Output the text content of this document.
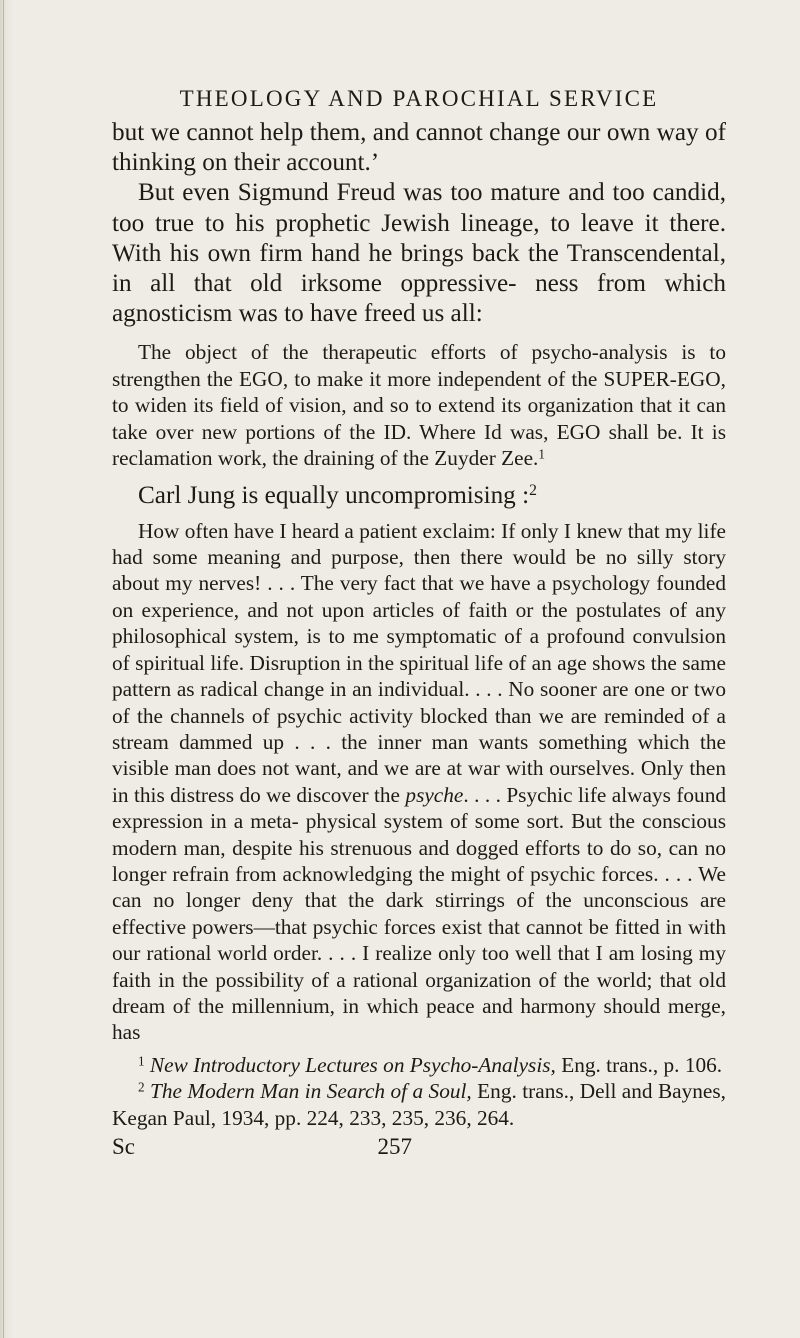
THEOLOGY AND PAROCHIAL SERVICE

but we cannot help them, and cannot change our own way of thinking on their account.’

But even Sigmund Freud was too mature and too candid, too true to his prophetic Jewish lineage, to leave it there. With his own firm hand he brings back the Transcendental, in all that old irksome oppressive- ness from which agnosticism was to have freed us all:

The object of the therapeutic efforts of psycho-analysis is to strengthen the EGO, to make it more independent of the SUPER-EGO, to widen its field of vision, and so to extend its organization that it can take over new portions of the ID. Where Id was, EGO shall be. It is reclamation work, the draining of the Zuyder Zee.$^1$

Carl Jung is equally uncompromising :$^2$

How often have I heard a patient exclaim: If only I knew that my life had some meaning and purpose, then there would be no silly story about my nerves! . . . The very fact that we have a psychology founded on experience, and not upon articles of faith or the postulates of any philosophical system, is to me symptomatic of a profound convulsion of spiritual life. Disruption in the spiritual life of an age shows the same pattern as radical change in an individual. . . . No sooner are one or two of the channels of psychic activity blocked than we are reminded of a stream dammed up . . . the inner man wants something which the visible man does not want, and we are at war with ourselves. Only then in this distress do we discover the psyche. . . . Psychic life always found expression in a meta- physical system of some sort. But the conscious modern man, despite his strenuous and dogged efforts to do so, can no longer refrain from acknowledging the might of psychic forces. . . . We can no longer deny that the dark stirrings of the unconscious are effective powers—that psychic forces exist that cannot be fitted in with our rational world order. . . . I realize only too well that I am losing my faith in the possibility of a rational organization of the world; that old dream of the millennium, in which peace and harmony should merge, has

$^1$ New Introductory Lectures on Psycho-Analysis, Eng. trans., p. 106.

$^2$ The Modern Man in Search of a Soul, Eng. trans., Dell and Baynes, Kegan Paul, 1934, pp. 224, 233, 235, 236, 264.

Sc	257
